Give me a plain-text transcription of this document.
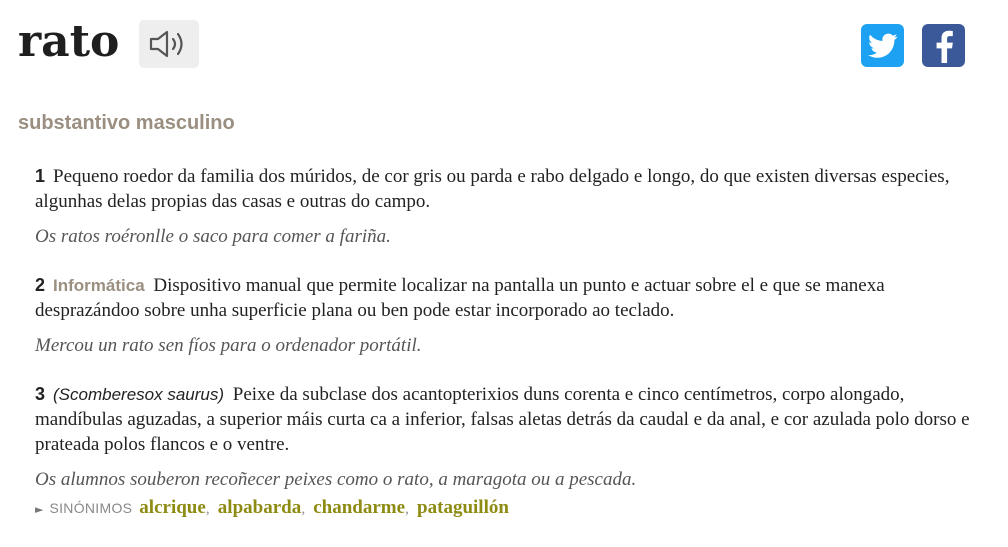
rato
substantivo masculino
1 Pequeno roedor da familia dos múridos, de cor gris ou parda e rabo delgado e longo, do que existen diversas especies, algunhas delas propias das casas e outras do campo.
Os ratos roéronlle o saco para comer a fariña.
2 Informática Dispositivo manual que permite localizar na pantalla un punto e actuar sobre el e que se manexa desprazándoo sobre unha superficie plana ou ben pode estar incorporado ao teclado.
Mercou un rato sen fíos para o ordenador portátil.
3 (Scomberesox saurus) Peixe da subclase dos acantopterixios duns corenta e cinco centímetros, corpo alongado, mandíbulas aguzadas, a superior máis curta ca a inferior, falsas aletas detrás da caudal e da anal, e cor azulada polo dorso e prateada polos flancos e o ventre.
Os alumnos souberon recoñecer peixes como o rato, a maragota ou a pescada.
► SINÓNIMOS alcrique , alpabarda , chandarme , pataguillón
